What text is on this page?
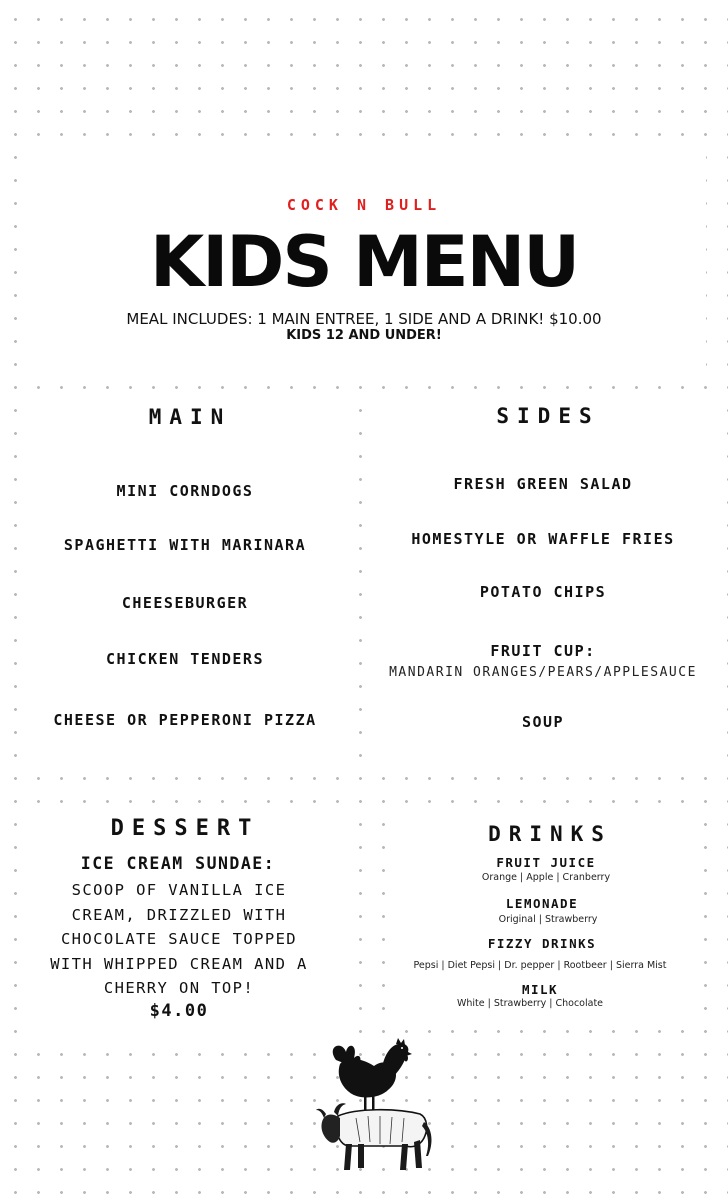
COCK N BULL
KIDS MENU
MEAL INCLUDES: 1 MAIN ENTREE, 1 SIDE AND A DRINK! $10.00
KIDS 12 AND UNDER!
MAIN
MINI CORNDOGS
SPAGHETTI WITH MARINARA
CHEESEBURGER
CHICKEN TENDERS
CHEESE OR PEPPERONI PIZZA
SIDES
FRESH GREEN SALAD
HOMESTYLE OR WAFFLE FRIES
POTATO CHIPS
FRUIT CUP:
MANDARIN ORANGES/PEARS/APPLESAUCE
SOUP
DESSERT
ICE CREAM SUNDAE:
SCOOP OF VANILLA ICE
CREAM, DRIZZLED WITH
CHOCOLATE SAUCE TOPPED
WITH WHIPPED CREAM AND A
CHERRY ON TOP!
$4.00
DRINKS
FRUIT JUICE
Orange | Apple | Cranberry
LEMONADE
Original | Strawberry
FIZZY DRINKS
Pepsi | Diet Pepsi | Dr. pepper | Rootbeer | Sierra Mist
MILK
White | Strawberry | Chocolate
